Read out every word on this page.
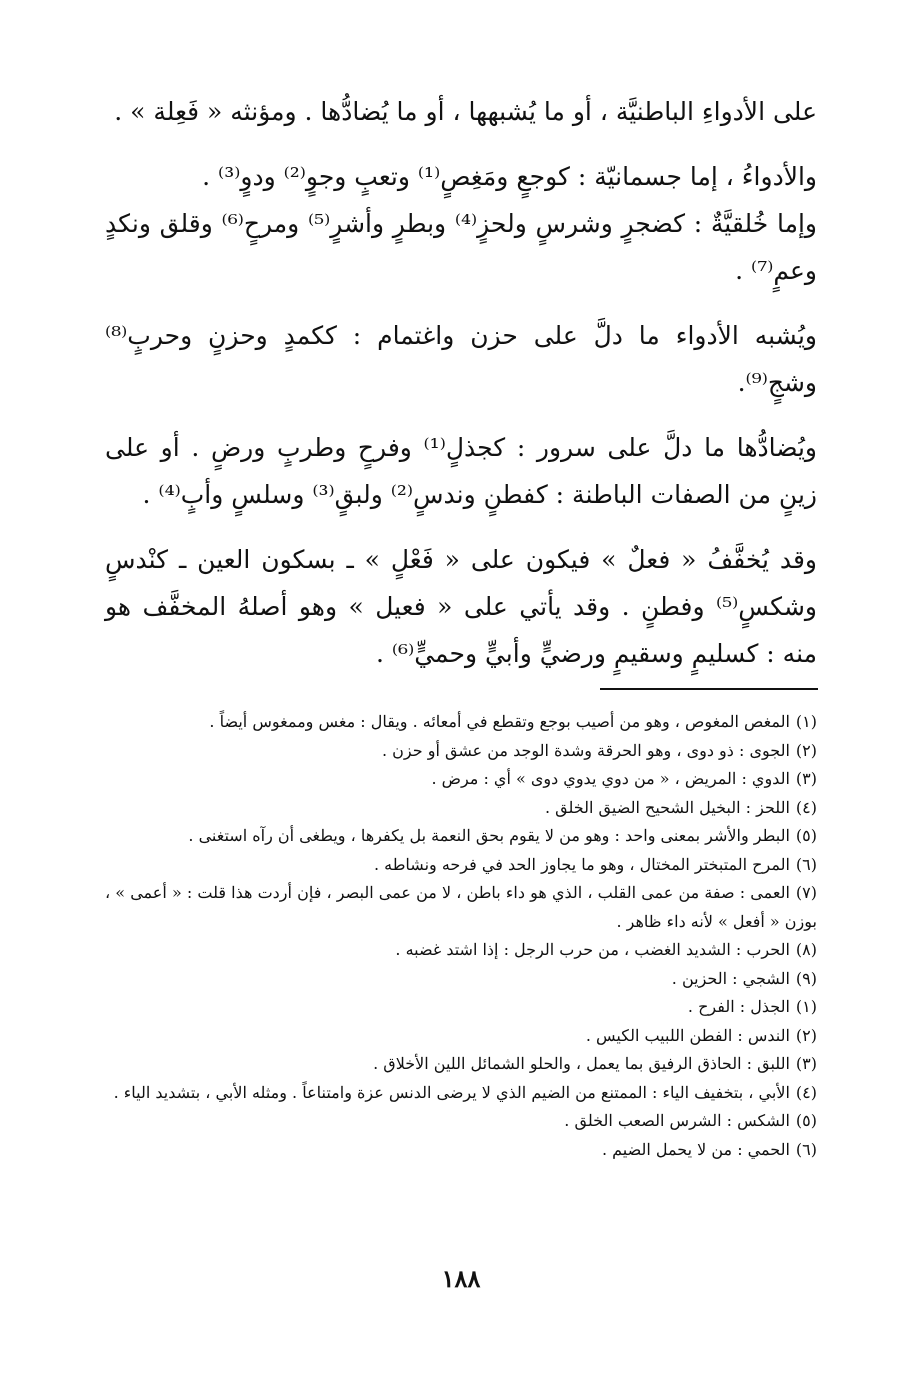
على الأدواءِ الباطنيَّة ، أو ما يُشبهها ، أو ما يُضادُّها . ومؤنثه « فَعِلة » .

والأدواءُ ، إما جسمانيّة : كوجعٍ ومَغِصٍ⁽¹⁾ وتعبٍ وجوٍ⁽²⁾ ودوٍ⁽³⁾ .

وإما خُلقيَّةٌ : كضجرٍ وشرسٍ ولحزٍ⁽⁴⁾ وبطرٍ وأشرٍ⁽⁵⁾ ومرحٍ⁽⁶⁾ وقلق ونكدٍ وعمٍ⁽⁷⁾ .

ويُشبه الأدواء ما دلَّ على حزن واغتمام : ككمدٍ وحزنٍ وحربٍ⁽⁸⁾ وشجٍ⁽⁹⁾.

ويُضادُّها ما دلَّ على سرور : كجذلٍ⁽¹⁾ وفرحٍ وطربٍ ورضٍ . أو على زينٍ من الصفات الباطنة : كفطنٍ وندسٍ⁽²⁾ ولبقٍ⁽³⁾ وسلسٍ وأبٍ⁽⁴⁾ .

وقد يُخفَّفُ « فعلٌ » فيكون على « فَعْلٍ » ـ بسكون العين ـ كنْدسٍ وشكسٍ⁽⁵⁾ وفطنٍ . وقد يأتي على « فعيل » وهو أصلهُ المخفَّف هو منه : كسليمٍ وسقيمٍ ورضيٍّ وأبيٍّ وحميٍّ⁽⁶⁾ .

(١)المغص المغوص ، وهو من أصيب بوجع وتقطع في أمعائه . ويقال : مغس وممغوس أيضاً .

(٢)الجوى : ذو دوى ، وهو الحرقة وشدة الوجد من عشق أو حزن .

(٣)الدوي : المريض ، « من دوي يدوي دوى » أي : مرض .

(٤)اللحز : البخيل الشحيح الضيق الخلق .

(٥)البطر والأشر بمعنى واحد : وهو من لا يقوم بحق النعمة بل يكفرها ، ويطغى أن رآه استغنى .

(٦)المرح المتبختر المختال ، وهو ما يجاوز الحد في فرحه ونشاطه .

(٧)العمى : صفة من عمى القلب ، الذي هو داء باطن ، لا من عمى البصر ، فإن أردت هذا قلت : « أعمى » ، بوزن « أفعل » لأنه داء ظاهر .

(٨)الحرب : الشديد الغضب ، من حرب الرجل : إذا اشتد غضبه .

(٩)الشجي : الحزين .

(١)الجذل : الفرح .

(٢)الندس : الفطن اللبيب الكيس .

(٣)اللبق : الحاذق الرفيق بما يعمل ، والحلو الشمائل اللين الأخلاق .

(٤)الأبي ، بتخفيف الياء : الممتنع من الضيم الذي لا يرضى الدنس عزة وامتناعاً . ومثله الأبي ، بتشديد الياء .

(٥)الشكس : الشرس الصعب الخلق .

(٦)الحمي : من لا يحمل الضيم .

١٨٨
